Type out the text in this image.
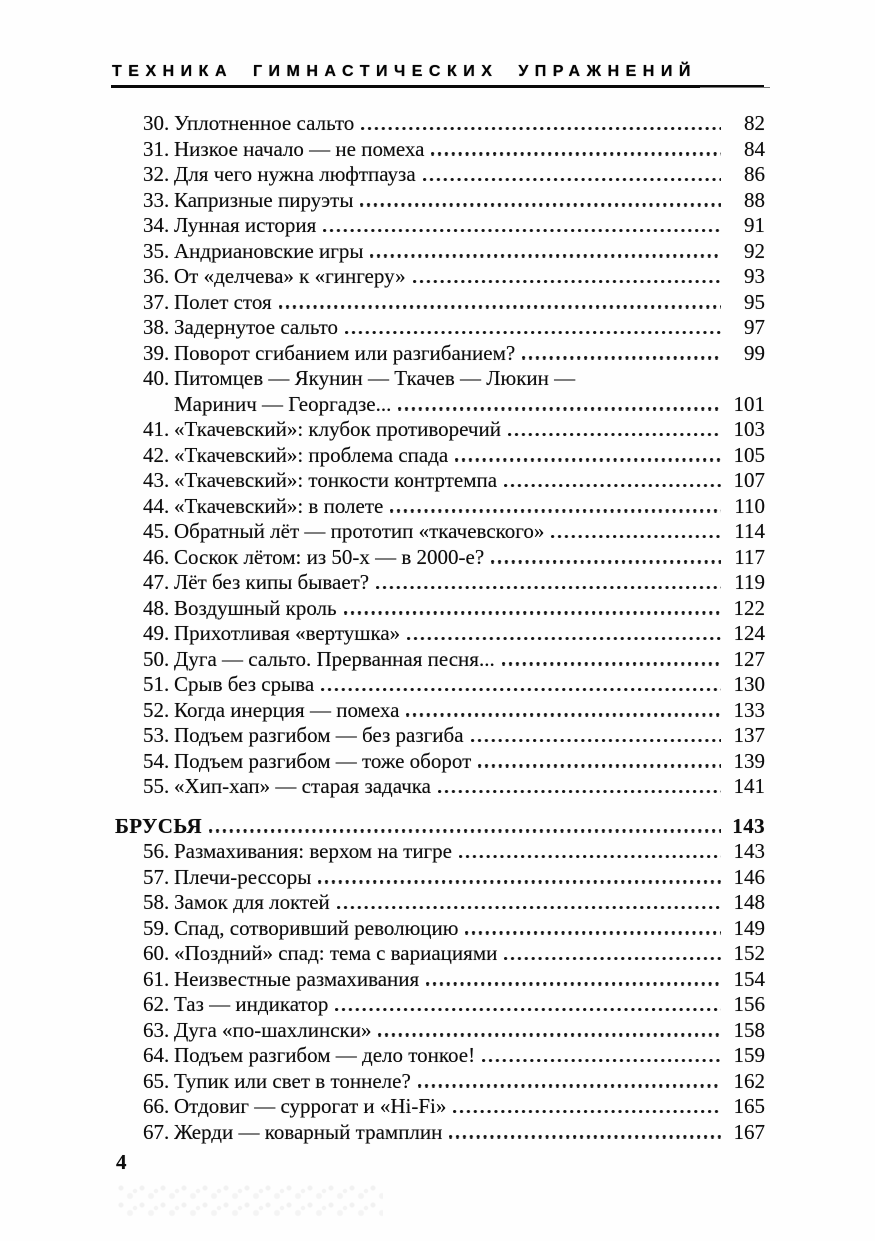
ТЕХНИКА ГИМНАСТИЧЕСКИХ УПРАЖНЕНИЙ
30. Уплотненное сальто	82
31. Низкое начало — не помеха	84
32. Для чего нужна люфтпауза	86
33. Капризные пируэты	88
34. Лунная история	91
35. Андриановские игры	92
36. От «делчева» к «гингеру»	93
37. Полет стоя	95
38. Задернутое сальто	97
39. Поворот сгибанием или разгибанием?	99
40. Питомцев — Якунин — Ткачев — Люкин —
Маринич — Георгадзе...	101
41. «Ткачевский»: клубок противоречий	103
42. «Ткачевский»: проблема спада	105
43. «Ткачевский»: тонкости контртемпа	107
44. «Ткачевский»: в полете	110
45. Обратный лёт — прототип «ткачевского»	114
46. Соскок лётом: из 50-х — в 2000-е?	117
47. Лёт без кипы бывает?	119
48. Воздушный кроль	122
49. Прихотливая «вертушка»	124
50. Дуга — сальто. Прерванная песня...	127
51. Срыв без срыва	130
52. Когда инерция — помеха	133
53. Подъем разгибом — без разгиба	137
54. Подъем разгибом — тоже оборот	139
55. «Хип-хап» — старая задачка	141
БРУСЬЯ	143
56. Размахивания: верхом на тигре	143
57. Плечи-рессоры	146
58. Замок для локтей	148
59. Спад, сотворивший революцию	149
60. «Поздний» спад: тема с вариациями	152
61. Неизвестные размахивания	154
62. Таз — индикатор	156
63. Дуга «по-шахлински»	158
64. Подъем разгибом — дело тонкое!	159
65. Тупик или свет в тоннеле?	162
66. Отдовиг — суррогат и «Hi-Fi»	165
67. Жерди — коварный трамплин	167
4
